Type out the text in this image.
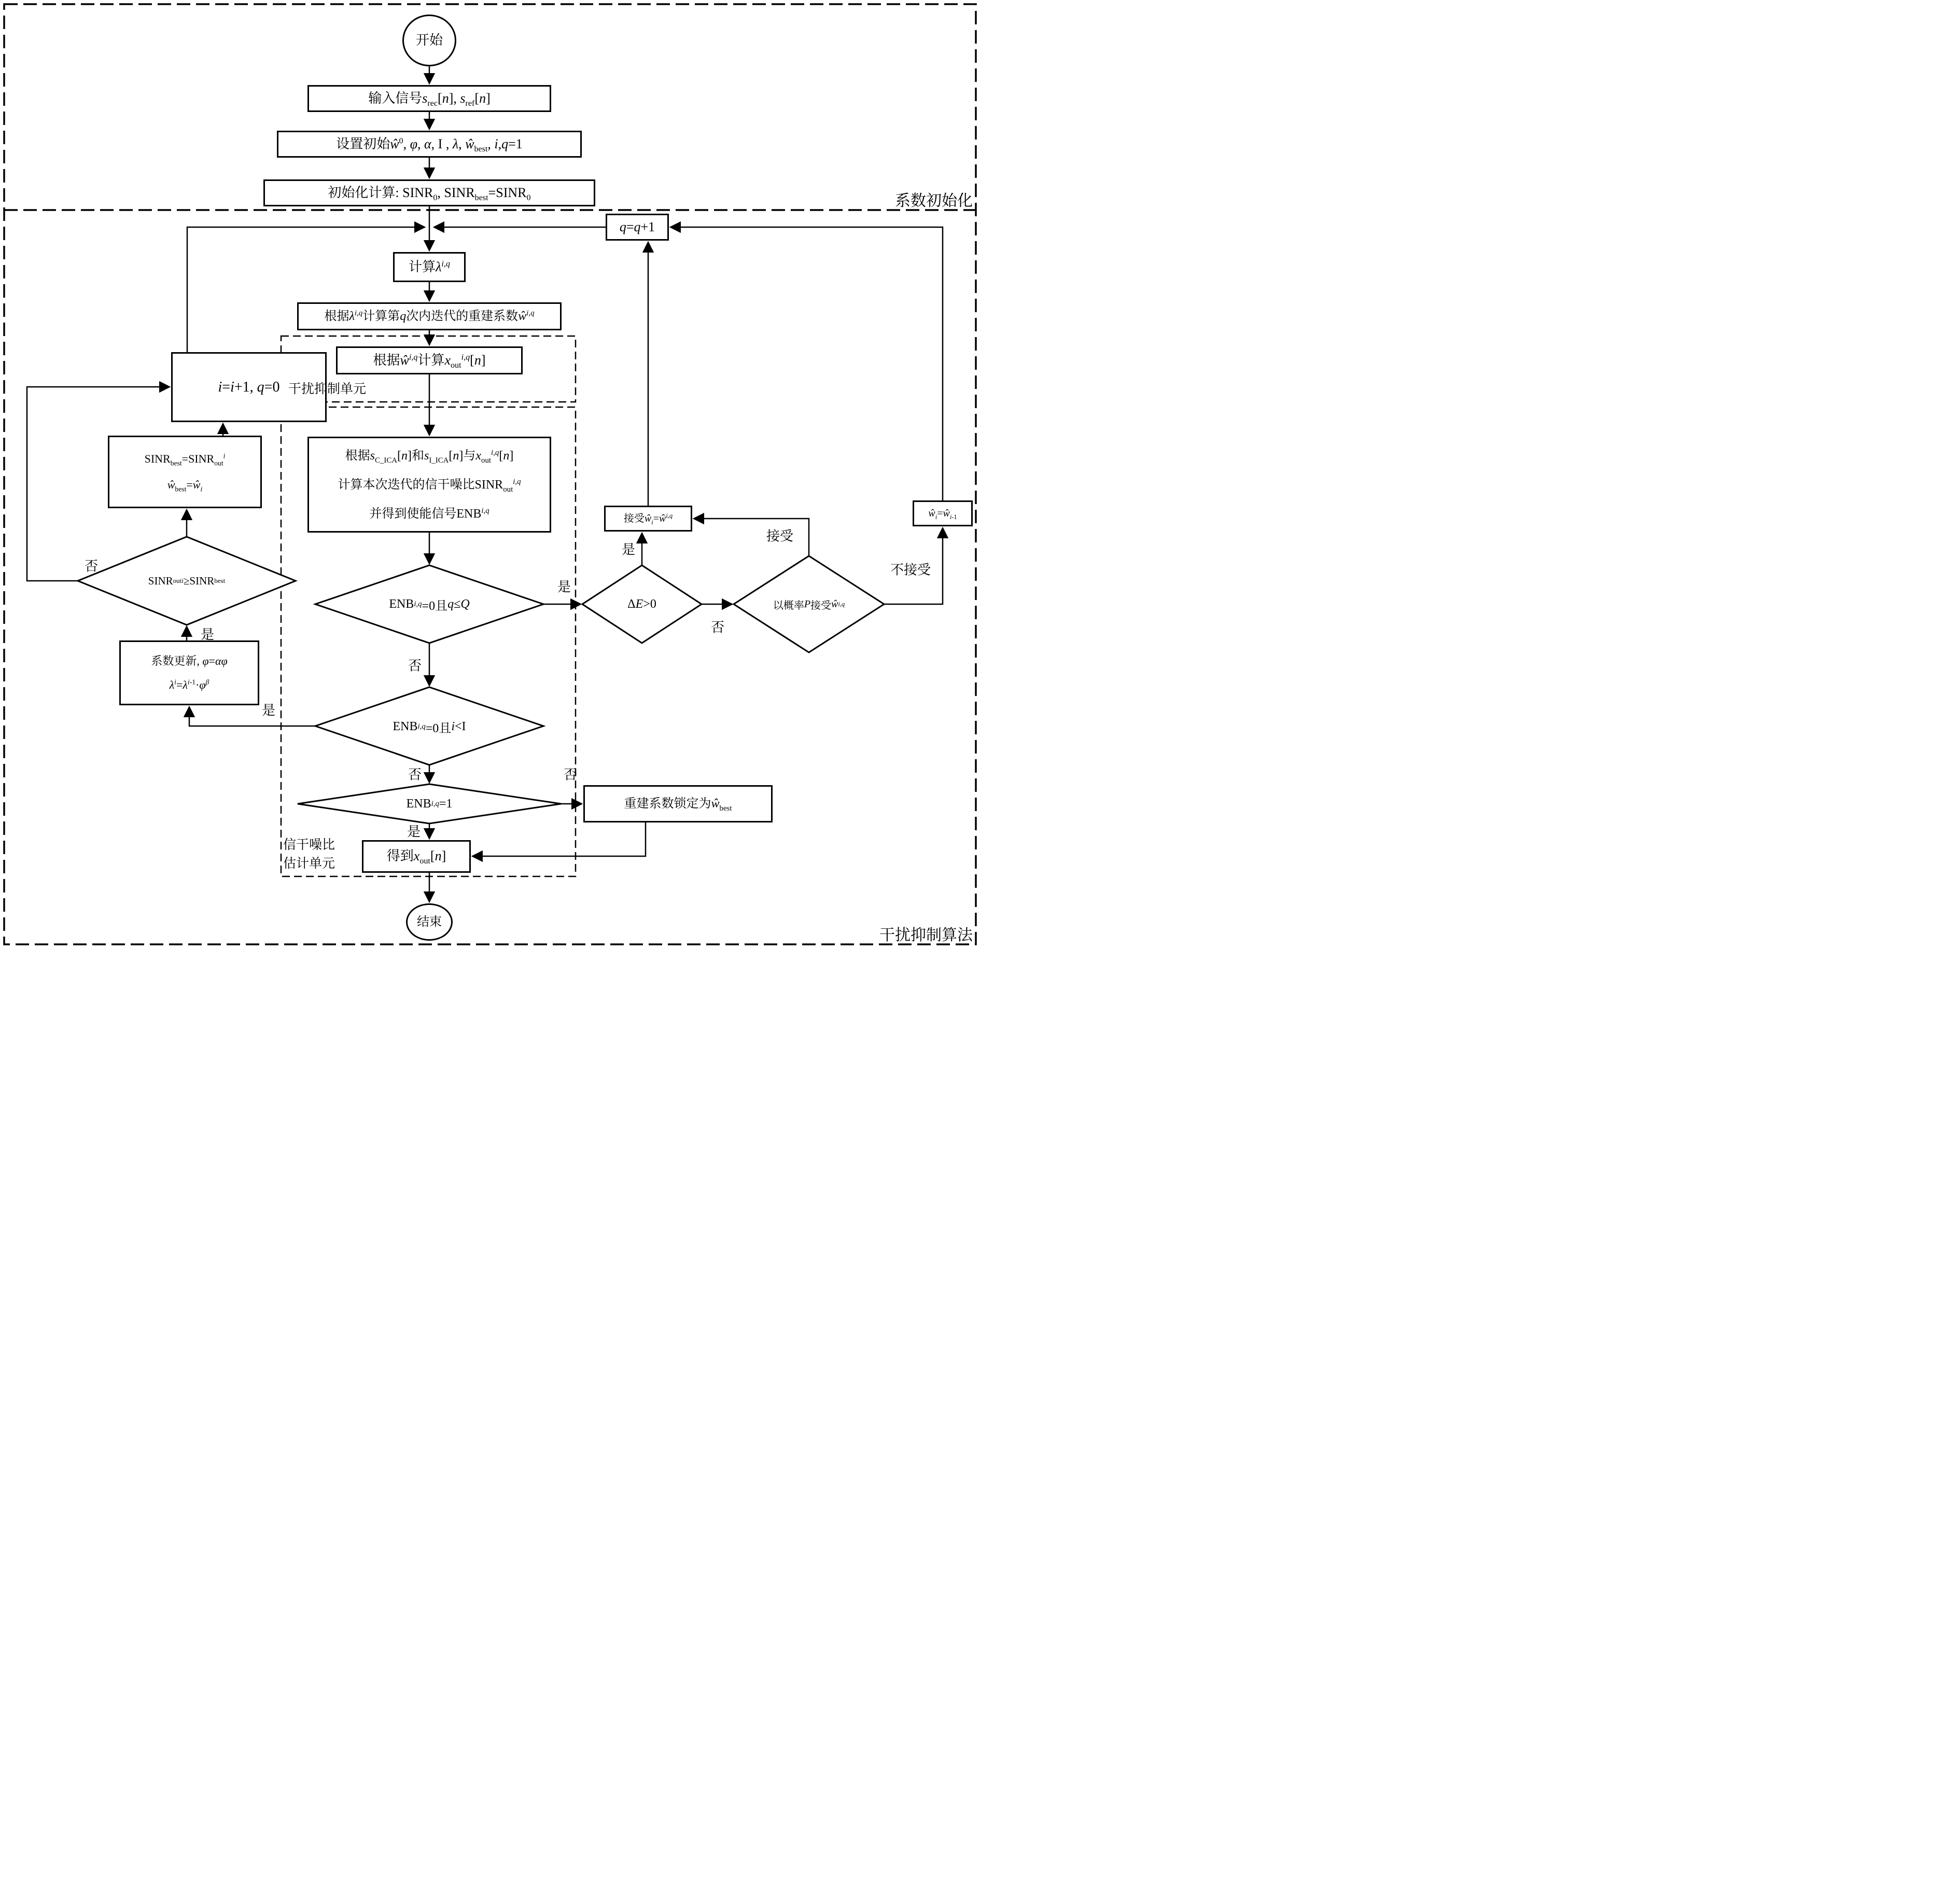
开始
结束
输入信号$s_{rec}[n]$, $s_{ref}[n]$
设置初始$ŵ^0$, φ, α, I , λ, $ŵ_{best}$, i,q=1
初始化计算: $SINR_0$, $SINR_{best}=SINR_0$
q=q+1
计算$\lambda^{i,q}$
根据$\lambda^{i,q}$计算第q次内迭代的重建系数$ŵ^{i,q}$
根据$ŵ^{i,q}$计算$x_{out}^{i,q}[n]$
根据$s_{C\_ICA}[n]$和$s_{I\_ICA}[n]$与$x_{out}^{i,q}[n]$
计算本次迭代的信干噪比$SINR_{out}^{i,q}$
并得到使能信号ENB$^{i,q}$
接受$ŵ_i=ŵ^{i,q}$	$ŵ_i=ŵ_{i-1}$
重建系数锁定为$ŵ_{best}$
得到$x_{out}[n]$
i=i+1, q=0
$SINR_{best}=SINR_{out}^i$
$ŵ_{best}=ŵ_i$
系数更新, φ=αφ
$\lambda^i=\lambda^{i-1}\cdot\varphi^\beta$
ENB i,q =0且 q ≤ Q
ENB i,q =0且 i <I
ENB i,q =1
Δ E >0	以概率 P 接受 ŵ i,q
SINR out i ≥SINR best
干扰抑制单元
信干噪比
估计单元
系数初始化
干扰抑制算法
是
否
是
否
是
否
是
否
是
否
接受
不接受
